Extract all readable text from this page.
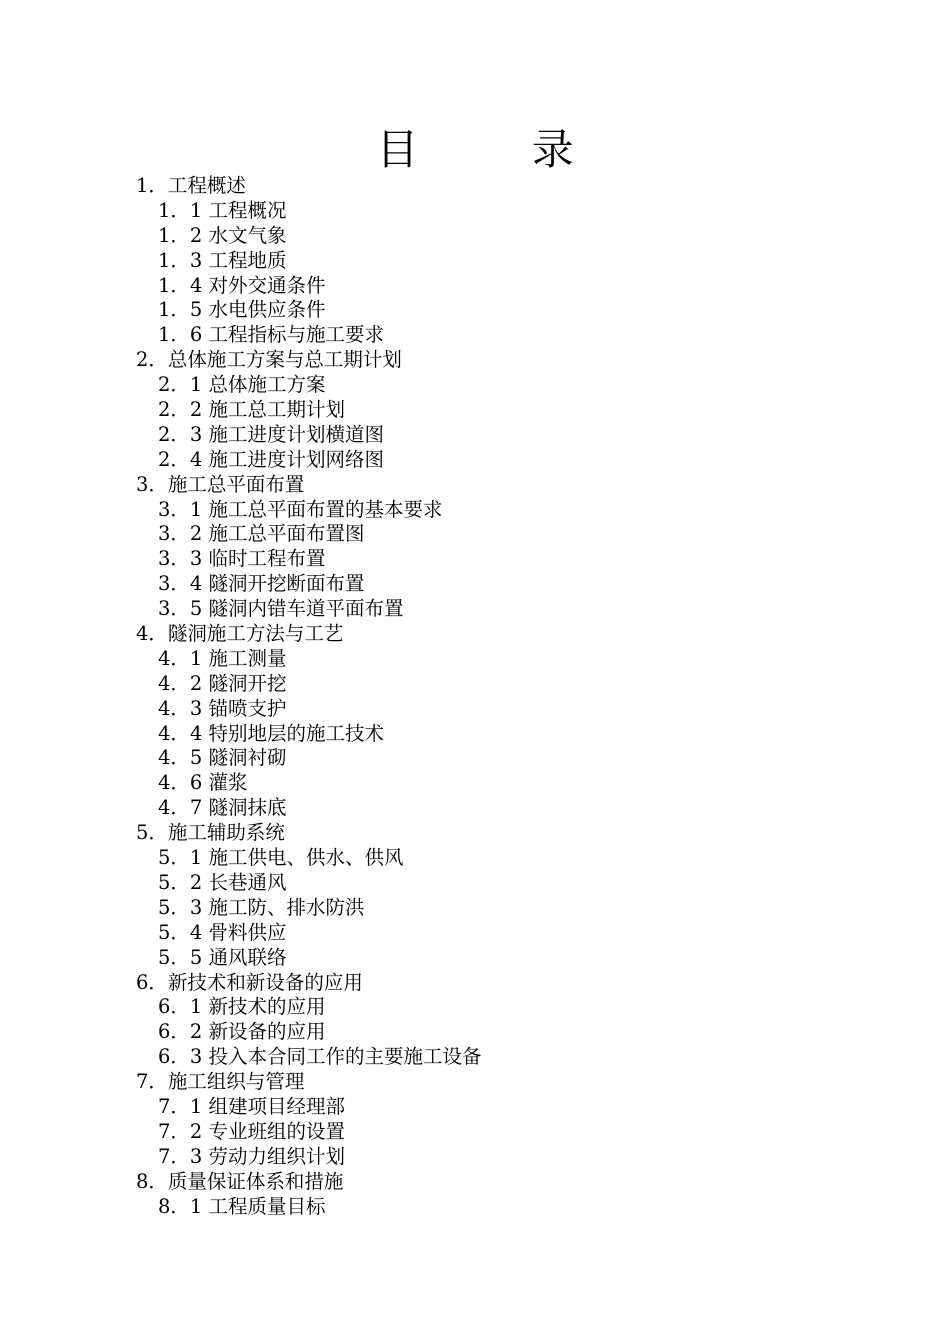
目 录
1．工程概述
1．1 工程概况
1．2 水文气象
1．3 工程地质
1．4 对外交通条件
1．5 水电供应条件
1．6 工程指标与施工要求
2．总体施工方案与总工期计划
2．1 总体施工方案
2．2 施工总工期计划
2．3 施工进度计划横道图
2．4 施工进度计划网络图
3．施工总平面布置
3．1 施工总平面布置的基本要求
3．2 施工总平面布置图
3．3 临时工程布置
3．4 隧洞开挖断面布置
3．5 隧洞内错车道平面布置
4．隧洞施工方法与工艺
4．1 施工测量
4．2 隧洞开挖
4．3 锚喷支护
4．4 特别地层的施工技术
4．5 隧洞衬砌
4．6 灌浆
4．7 隧洞抹底
5．施工辅助系统
5．1 施工供电、供水、供风
5．2 长巷通风
5．3 施工防、排水防洪
5．4 骨料供应
5．5 通风联络
6．新技术和新设备的应用
6．1 新技术的应用
6．2 新设备的应用
6．3 投入本合同工作的主要施工设备
7．施工组织与管理
7．1 组建项目经理部
7．2 专业班组的设置
7．3 劳动力组织计划
8．质量保证体系和措施
8．1 工程质量目标
